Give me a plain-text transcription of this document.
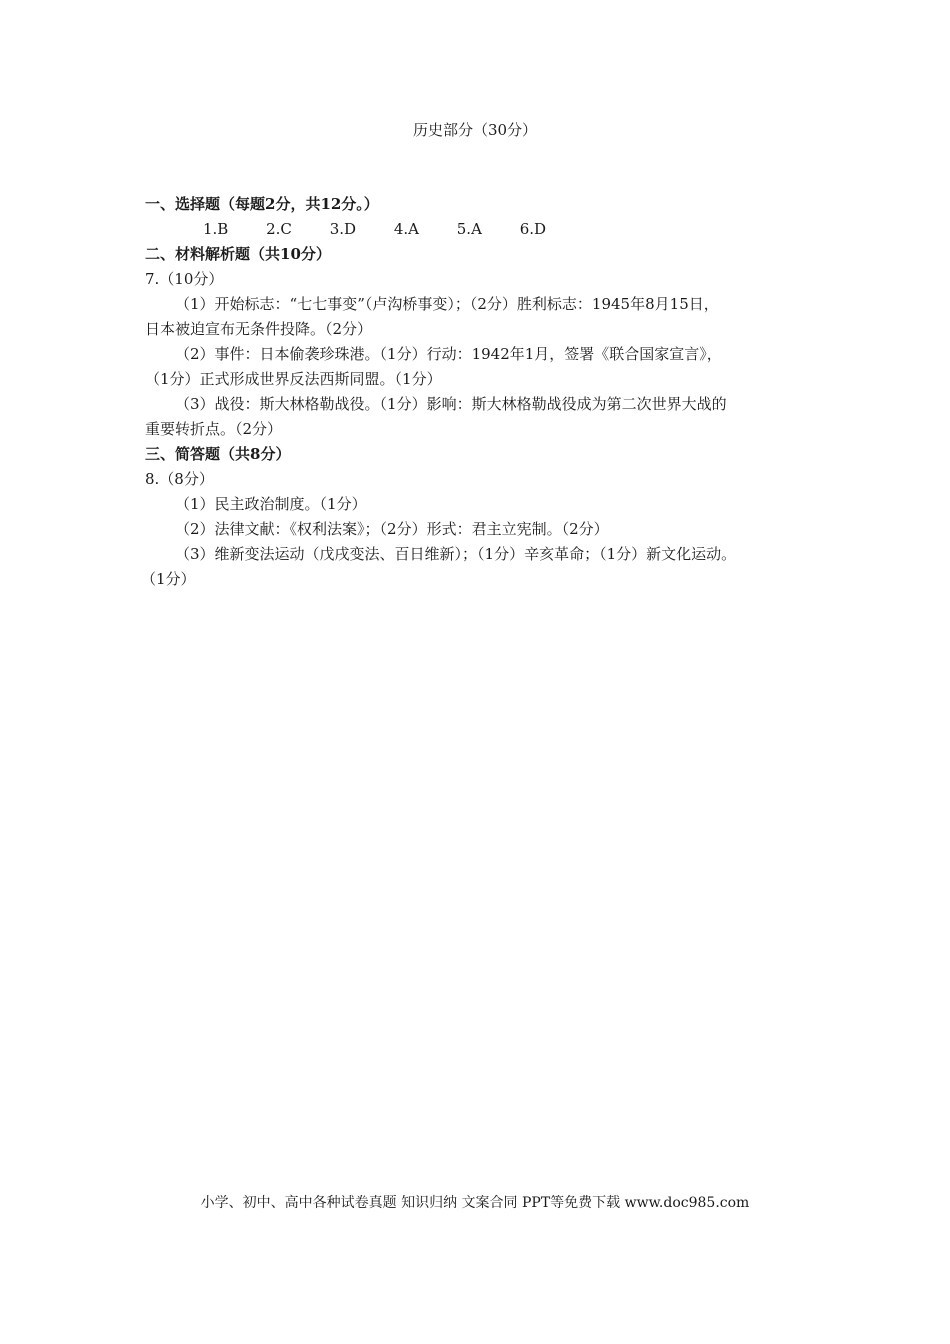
历史部分（30分）
一、选择题（每题2分，共12分。）
1.B	2.C	3.D	4.A	5.A	6.D
二、材料解析题（共10分）
7.（10分）
（1）开始标志：“七七事变”（卢沟桥事变）；（2分）胜利标志：1945年8月15日，
日本被迫宣布无条件投降。（2分）
（2）事件：日本偷袭珍珠港。（1分）行动：1942年1月，签署《联合国家宣言》，
（1分）正式形成世界反法西斯同盟。（1分）
（3）战役：斯大林格勒战役。（1分）影响：斯大林格勒战役成为第二次世界大战的
重要转折点。（2分）
三、简答题（共8分）
8.（8分）
（1）民主政治制度。（1分）
（2）法律文献：《权利法案》；（2分）形式：君主立宪制。（2分）
（3）维新变法运动（戊戌变法、百日维新）；（1分）辛亥革命；（1分）新文化运动。
（1分）
小学、初中、高中各种试卷真题 知识归纳 文案合同 PPT等免费下载 www.doc985.com
